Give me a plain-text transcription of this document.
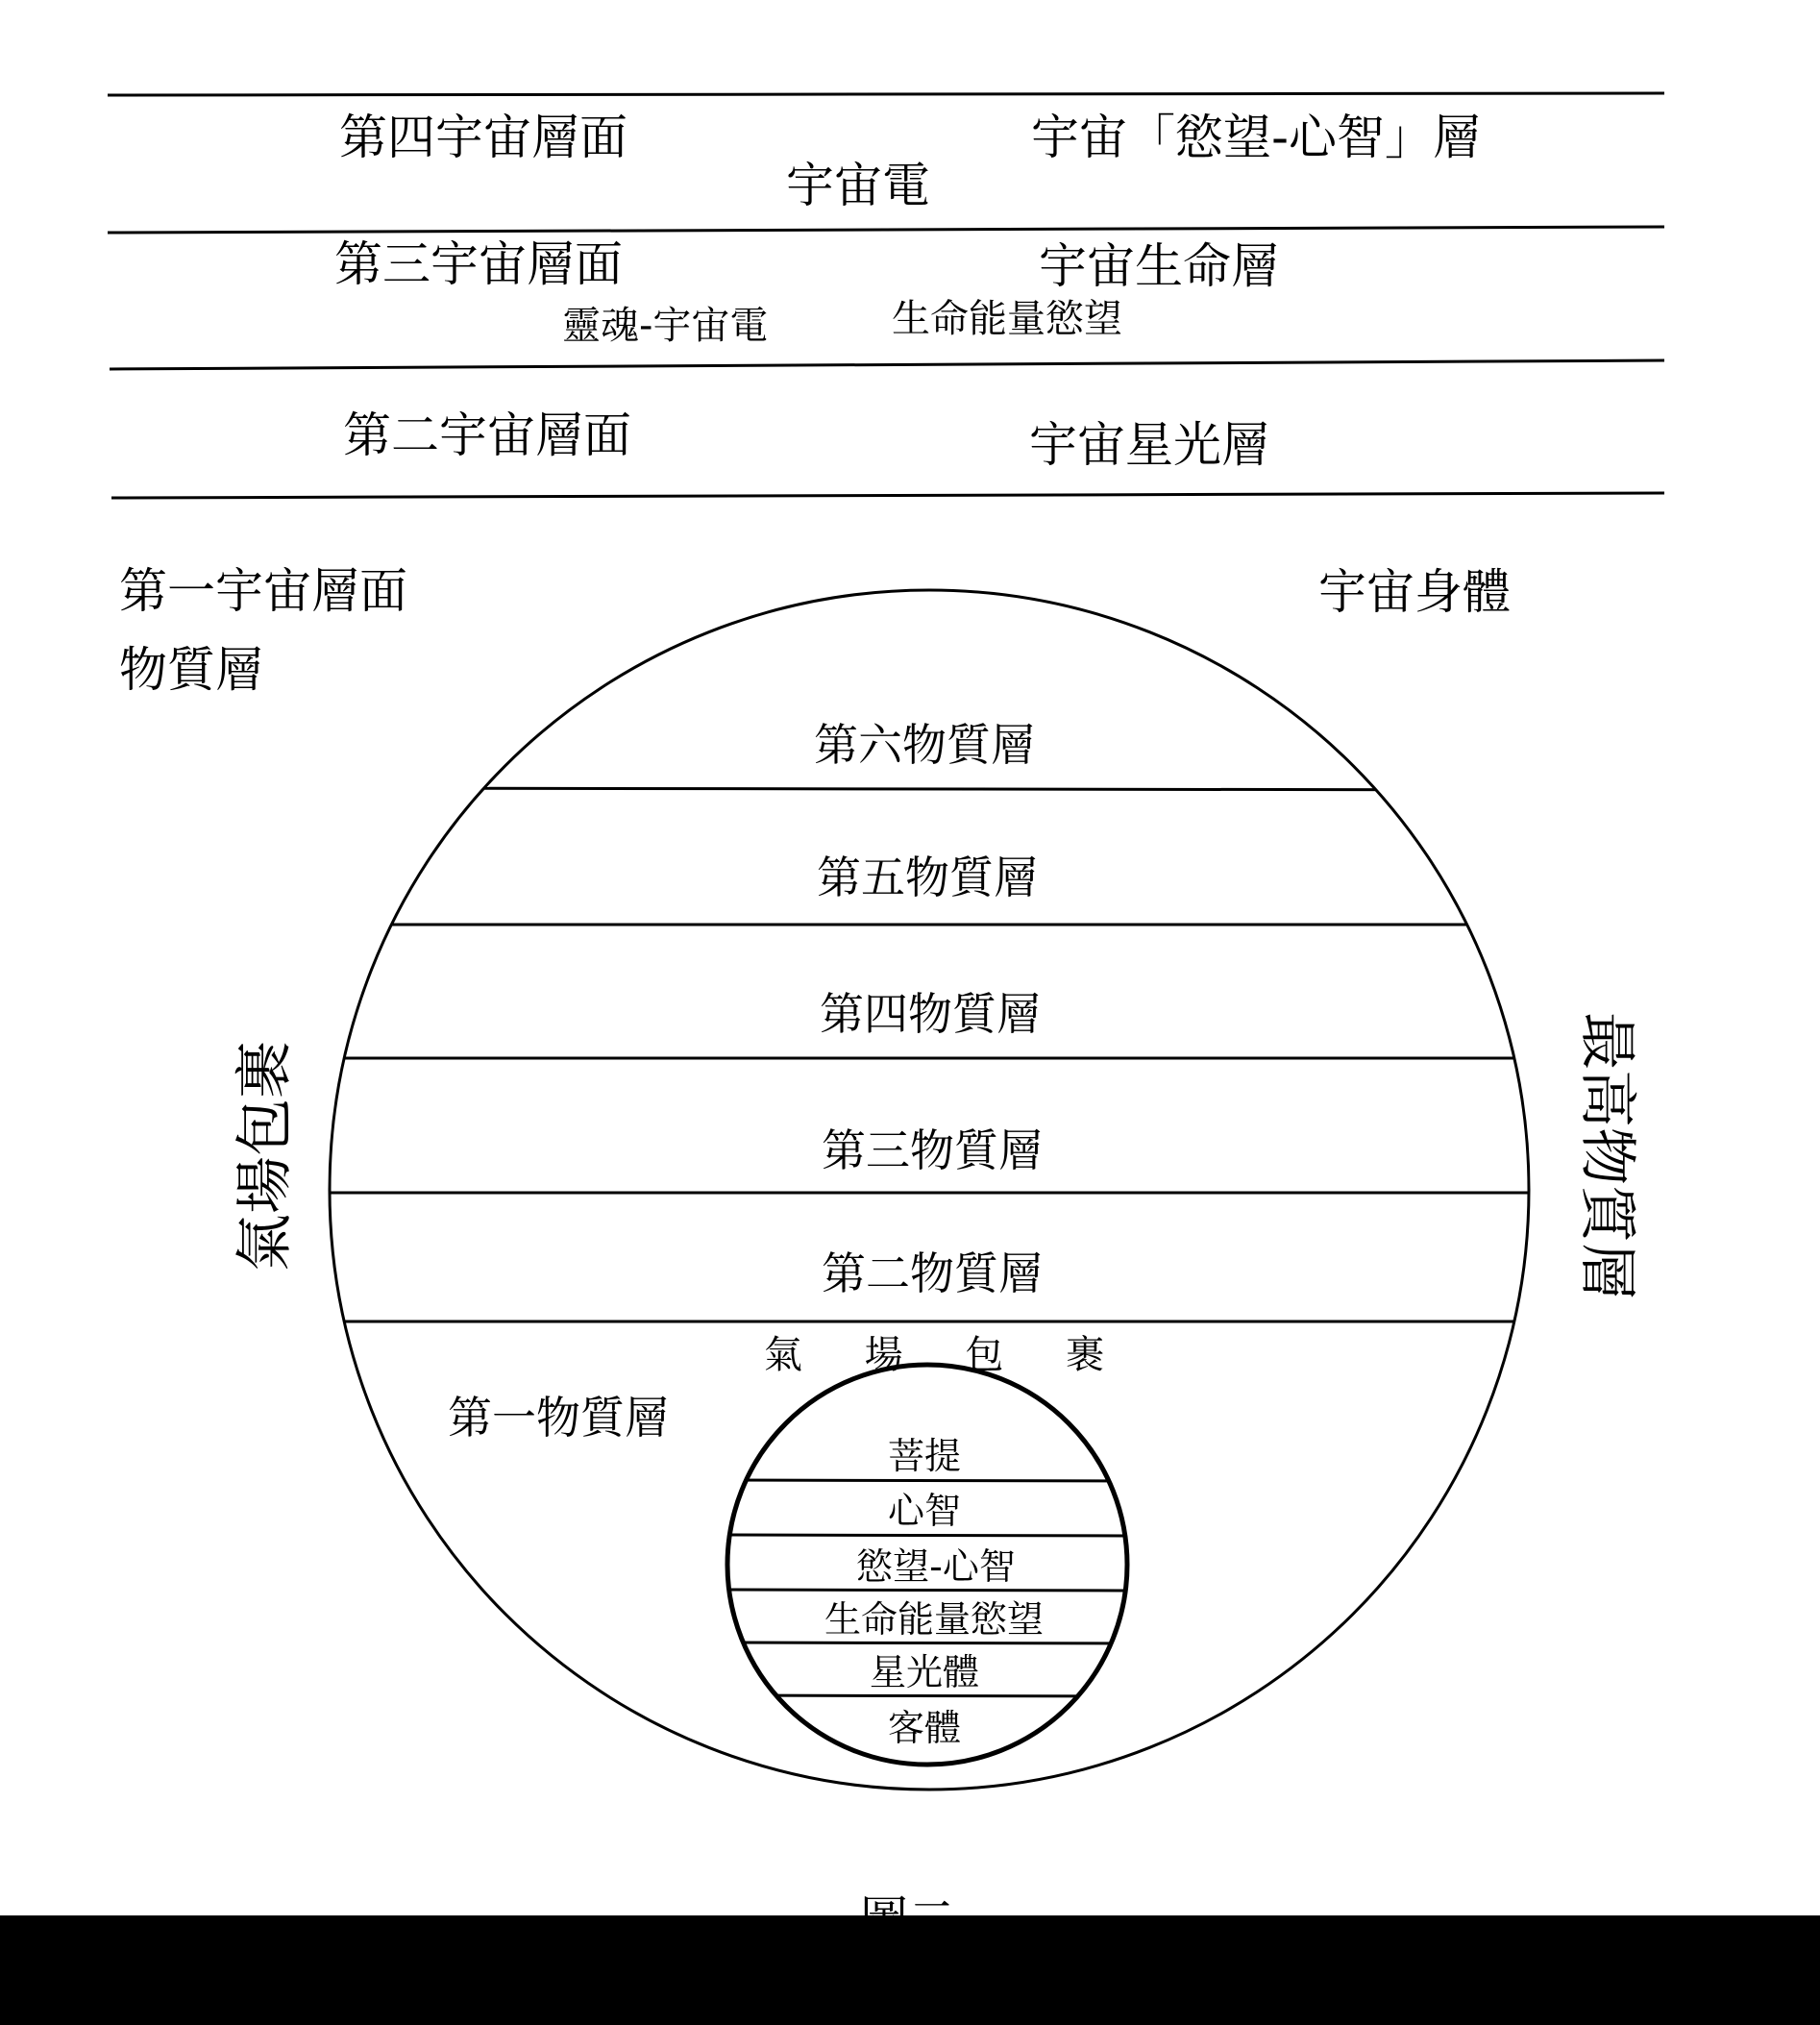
第四宇宙層面	宇宙「慾望-心智」層
宇宙電
第三宇宙層面	宇宙生命層
靈魂-宇宙電	生命能量慾望
第二宇宙層面	宇宙星光層
第一宇宙層面	宇宙身體
物質層
第六物質層
第五物質層
第四物質層
第三物質層
第二物質層
第一物質層
氣 場 包 裹
菩提
心智
慾望-心智
生命能量慾望
星光體
客體
氣場包裹	最高物質層
